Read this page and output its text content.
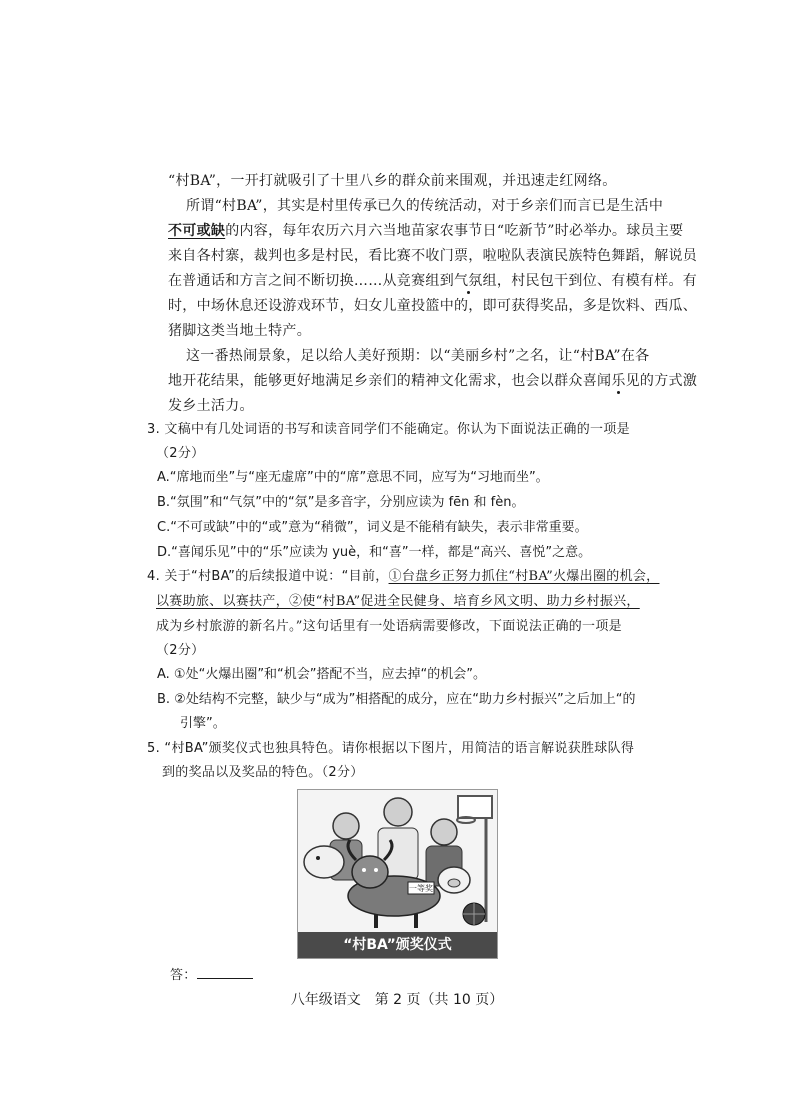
“村BA”，一开打就吸引了十里八乡的群众前来围观，并迅速走红网络。
所谓“村BA”，其实是村里传承已久的传统活动，对于乡亲们而言已是生活中
不可或缺的内容，每年农历六月六当地苗家农事节日“吃新节”时必举办。球员主要
来自各村寨，裁判也多是村民，看比赛不收门票，啦啦队表演民族特色舞蹈，解说员
在普通话和方言之间不断切换……从竞赛组到气氛组，村民包干到位、有模有样。有
时，中场休息还设游戏环节，妇女儿童投篮中的，即可获得奖品，多是饮料、西瓜、
猪脚这类当地土特产。
这一番热闹景象，足以给人美好预期：以“美丽乡村”之名，让“村BA”在各
地开花结果，能够更好地满足乡亲们的精神文化需求，也会以群众喜闻乐见的方式激
发乡土活力。
3. 文稿中有几处词语的书写和读音同学们不能确定。你认为下面说法正确的一项是
（2分）
A.“席地而坐”与“座无虚席”中的“席”意思不同，应写为“习地而坐”。
B.“氛围”和“气氛”中的“氛”是多音字，分别应读为 fēn 和 fèn。
C.“不可或缺”中的“或”意为“稍微”，词义是不能稍有缺失，表示非常重要。
D.“喜闻乐见”中的“乐”应读为 yuè，和“喜”一样，都是“高兴、喜悦”之意。
4. 关于“村BA”的后续报道中说：“目前，①台盘乡正努力抓住“村BA”火爆出圈的机会，
以赛助旅、以赛扶产，②使“村BA”促进全民健身、培育乡风文明、助力乡村振兴，
成为乡村旅游的新名片。”这句话里有一处语病需要修改，下面说法正确的一项是
（2分）
A. ①处“火爆出圈”和“机会”搭配不当，应去掉“的机会”。
B. ②处结构不完整，缺少与“成为”相搭配的成分，应在“助力乡村振兴”之后加上“的
引擎”。
5. “村BA”颁奖仪式也独具特色。请你根据以下图片，用简洁的语言解说获胜球队得
到的奖品以及奖品的特色。（2分）
一等奖
“村BA”颁奖仪式
答：
八年级语文　第 2 页（共 10 页）
